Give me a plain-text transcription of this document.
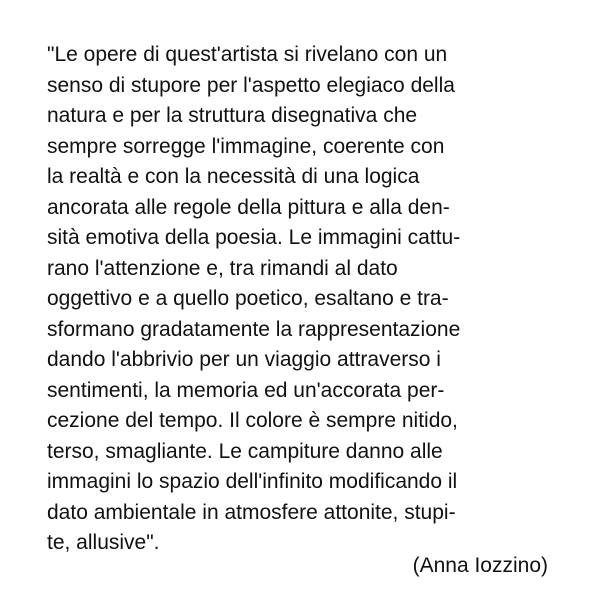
"Le opere di quest'artista si rivelano con un
senso di stupore per l'aspetto elegiaco della
natura e per la struttura disegnativa che
sempre sorregge l'immagine, coerente con
la realtà e con la necessità di una logica
ancorata alle regole della pittura e alla den-
sità emotiva della poesia. Le immagini cattu-
rano l'attenzione e, tra rimandi al dato
oggettivo e a quello poetico, esaltano e tra-
sformano gradatamente la rappresentazione
dando l'abbrivio per un viaggio attraverso i
sentimenti, la memoria ed un'accorata per-
cezione del tempo. Il colore è sempre nitido,
terso, smagliante. Le campiture danno alle
immagini lo spazio dell'infinito modificando il
dato ambientale in atmosfere attonite, stupi-
te, allusive".
(Anna Iozzino)
